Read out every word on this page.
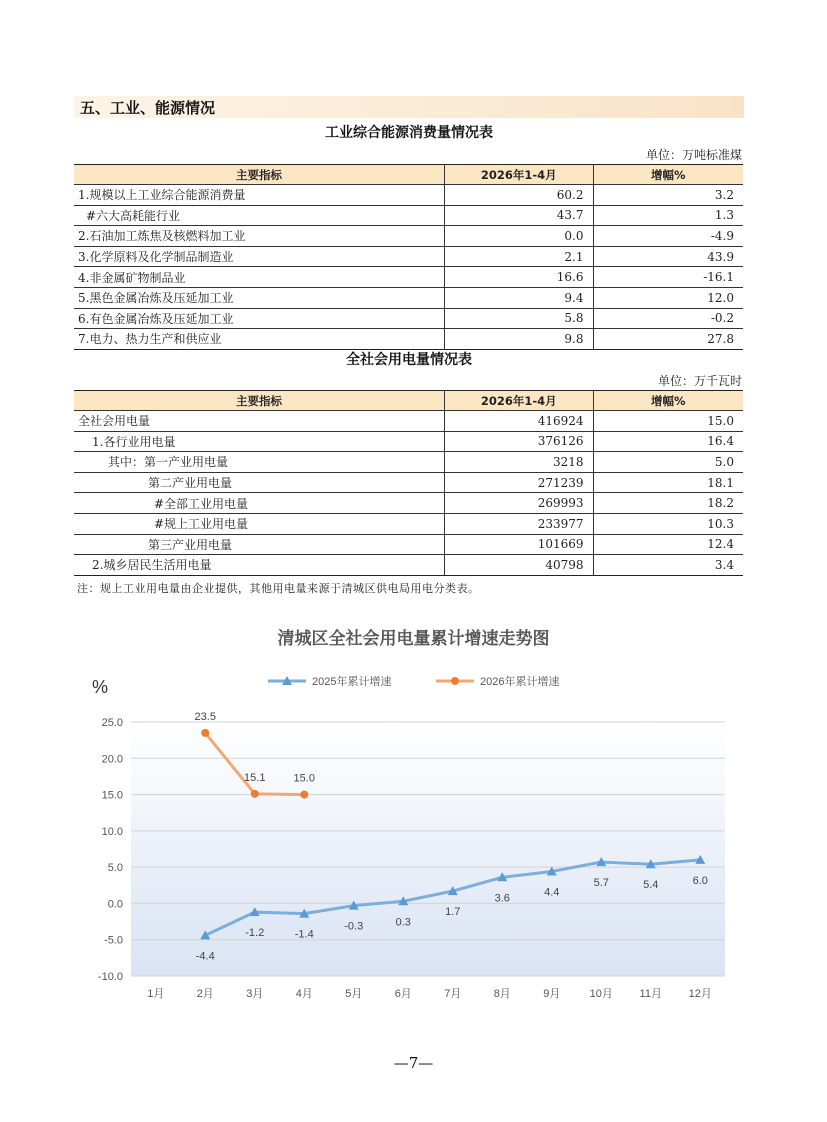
五、工业、能源情况
工业综合能源消费量情况表
单位：万吨标准煤
主要指标	2026年1-4月	增幅%
1.规模以上工业综合能源消费量	60.2	3.2
#六大高耗能行业	43.7	1.3
2.石油加工炼焦及核燃料加工业	0.0	-4.9
3.化学原料及化学制品制造业	2.1	43.9
4.非金属矿物制品业	16.6	-16.1
5.黑色金属冶炼及压延加工业	9.4	12.0
6.有色金属冶炼及压延加工业	5.8	-0.2
7.电力、热力生产和供应业	9.8	27.8
全社会用电量情况表
单位：万千瓦时
主要指标	2026年1-4月	增幅%
全社会用电量	416924	15.0
1.各行业用电量	376126	16.4
其中：第一产业用电量	3218	5.0
第二产业用电量	271239	18.1
#全部工业用电量	269993	18.2
#规上工业用电量	233977	10.3
第三产业用电量	101669	12.4
2.城乡居民生活用电量	40798	3.4
注：规上工业用电量由企业提供，其他用电量来源于清城区供电局用电分类表。
清城区全社会用电量累计增速走势图
25.0
20.0
15.0
10.0
5.0
0.0
-5.0
-10.0
1月	2月	3月	4月	5月	6月	7月	8月	9月	10月 11月 12月
2025年累计增速	2026年累计增速
-4.4
-1.2	-1.4
-0.3	0.3
1.7
3.6	4.4
5.7	5.4	6.0
23.5
15.1	15.0
%
—7—
